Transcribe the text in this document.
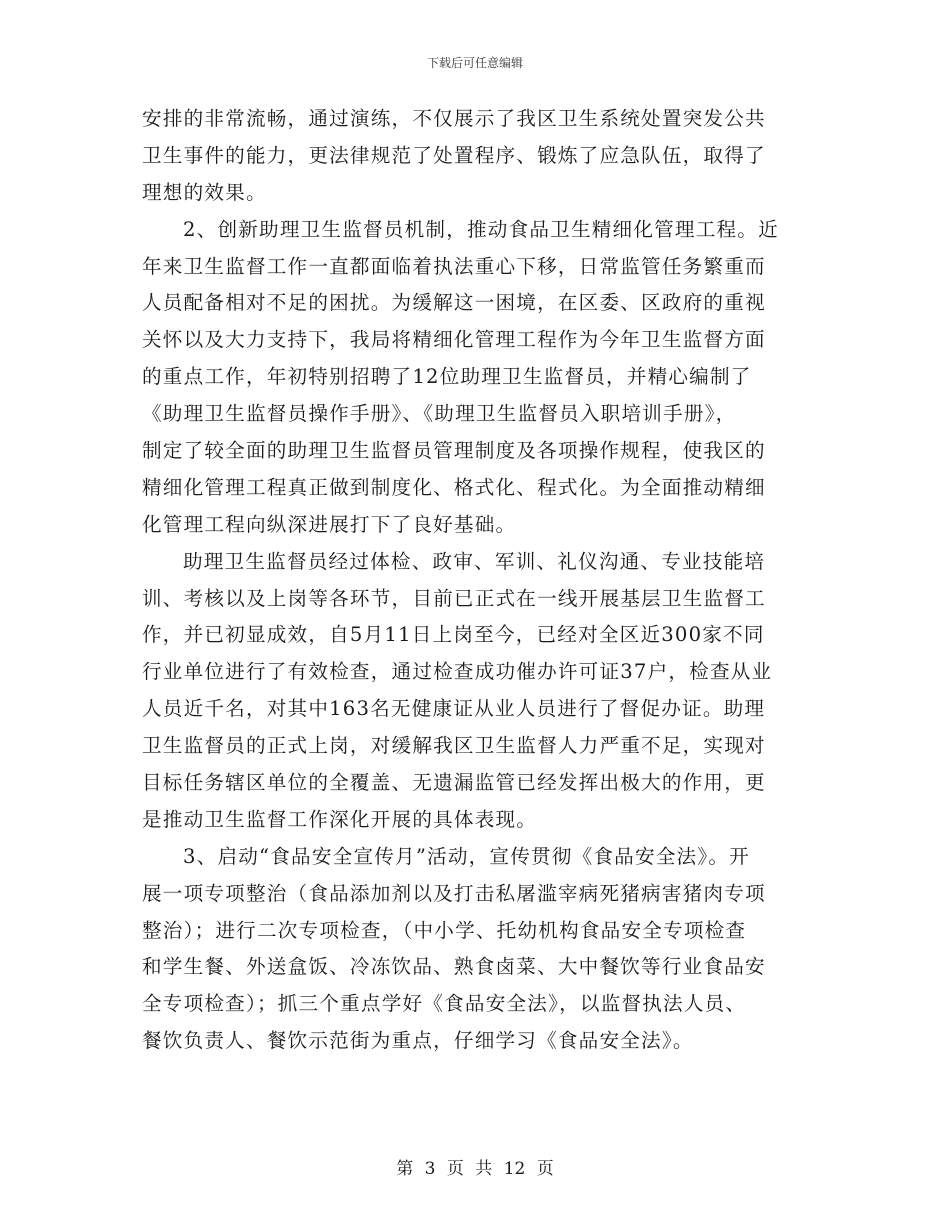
下载后可任意编辑
安排的非常流畅，通过演练，不仅展示了我区卫生系统处置突发公共
卫生事件的能力，更法律规范了处置程序、锻炼了应急队伍，取得了
理想的效果。
2、创新助理卫生监督员机制，推动食品卫生精细化管理工程。近
年来卫生监督工作一直都面临着执法重心下移，日常监管任务繁重而
人员配备相对不足的困扰。为缓解这一困境，在区委、区政府的重视
关怀以及大力支持下，我局将精细化管理工程作为今年卫生监督方面
的重点工作，年初特别招聘了12位助理卫生监督员，并精心编制了
《助理卫生监督员操作手册》、《助理卫生监督员入职培训手册》，
制定了较全面的助理卫生监督员管理制度及各项操作规程，使我区的
精细化管理工程真正做到制度化、格式化、程式化。为全面推动精细
化管理工程向纵深进展打下了良好基础。
助理卫生监督员经过体检、政审、军训、礼仪沟通、专业技能培
训、考核以及上岗等各环节，目前已正式在一线开展基层卫生监督工
作，并已初显成效，自5月11日上岗至今，已经对全区近300家不同
行业单位进行了有效检查，通过检查成功催办许可证37户，检查从业
人员近千名，对其中163名无健康证从业人员进行了督促办证。助理
卫生监督员的正式上岗，对缓解我区卫生监督人力严重不足，实现对
目标任务辖区单位的全覆盖、无遗漏监管已经发挥出极大的作用，更
是推动卫生监督工作深化开展的具体表现。
3、启动“食品安全宣传月”活动，宣传贯彻《食品安全法》。开
展一项专项整治（食品添加剂以及打击私屠滥宰病死猪病害猪肉专项
整治）；进行二次专项检查，（中小学、托幼机构食品安全专项检查
和学生餐、外送盒饭、冷冻饮品、熟食卤菜、大中餐饮等行业食品安
全专项检查）；抓三个重点学好《食品安全法》，以监督执法人员、
餐饮负责人、餐饮示范街为重点，仔细学习《食品安全法》。
第 3 页 共 12 页
